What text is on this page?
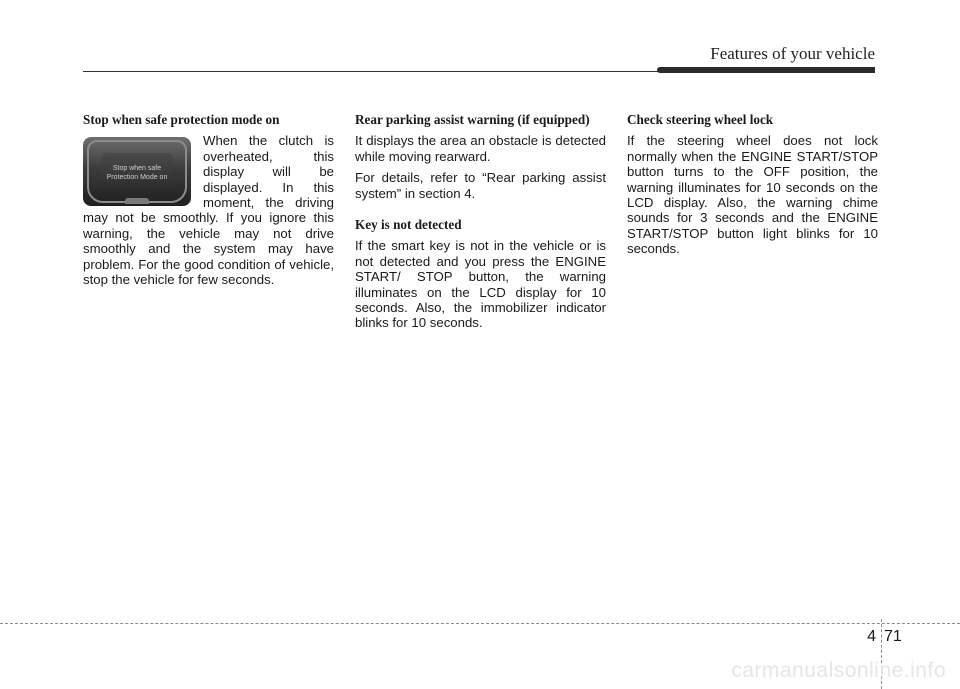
Features of your vehicle
Stop when safe protection mode on
Stop when safe
Protection Mode on

When the clutch is overheated, this display will be displayed. In this moment, the driving may not be smoothly. If you ignore this warning, the vehicle may not drive smoothly and the system may have problem. For the good condition of vehicle, stop the vehicle for few seconds.

Rear parking assist warning (if equipped)

It displays the area an obstacle is detected while moving rearward.

For details, refer to “Rear parking assist system” in section 4.

Key is not detected

If the smart key is not in the vehicle or is not detected and you press the ENGINE START/ STOP button, the warning illuminates on the LCD display for 10 seconds. Also, the immobilizer indicator blinks for 10 seconds.

Check steering wheel lock

If the steering wheel does not lock normally when the ENGINE START/STOP button turns to the OFF position, the warning illuminates for 10 seconds on the LCD display. Also, the warning chime sounds for 3 seconds and the ENGINE START/STOP button light blinks for 10 seconds.

4 71
carmanualsonline.info
